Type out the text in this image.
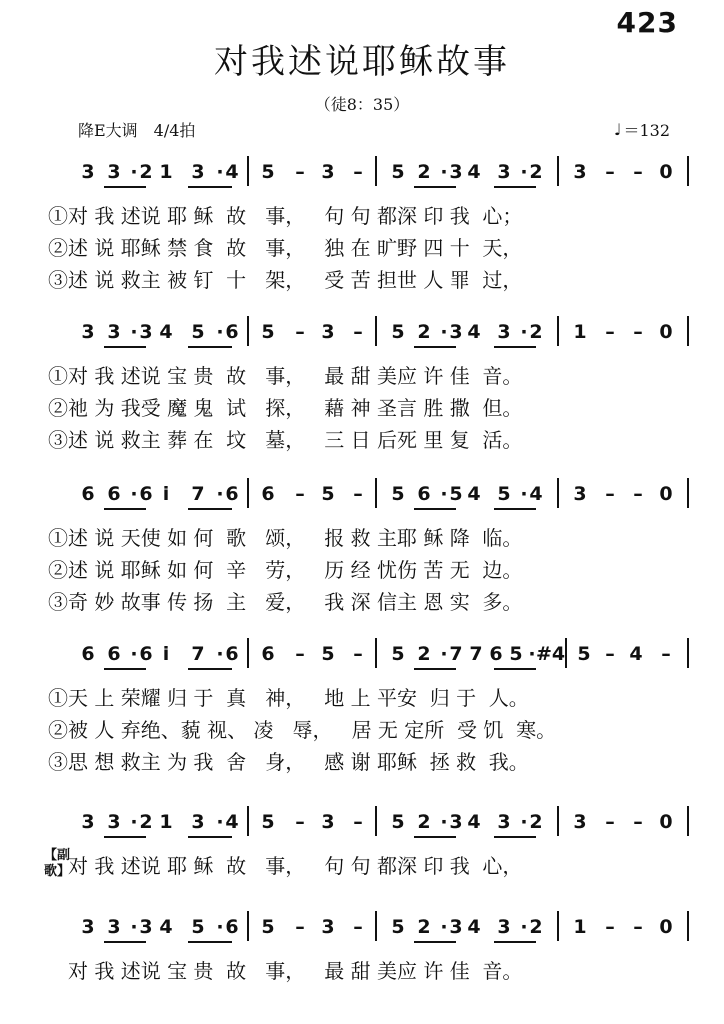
423
对我述说耶稣故事
（徒8：35）
降E大调　4/4拍	♩ ＝132
【副歌】
3 3 · 2 1 3 · 4 5 – 3 – 5 2 · 3 4 3 · 2 3 – – 0
①对 我 述说 耶 稣  故   事，   句 句 都深 印 我  心；
②述 说 耶稣 禁 食  故   事，   独 在 旷野 四 十  天，
③述 说 救主 被 钉  十   架，   受 苦 担世 人 罪  过，
3 3 · 3 4 5 · 6 5 – 3 – 5 2 · 3 4 3 · 2 1 – – 0
①对 我 述说 宝 贵  故   事，   最 甜 美应 许 佳  音。
②祂 为 我受 魔 鬼  试   探，   藉 神 圣言 胜 撒  但。
③述 说 救主 葬 在  坟   墓，   三 日 后死 里 复  活。
6 6 · 6 i	7 · 6 6 – 5 – 5 6 · 5 4 5 · 4 3 – – 0
①述 说 天使 如 何  歌   颂，   报 救 主耶 稣 降  临。
②述 说 耶稣 如 何  辛   劳，   历 经 忧伤 苦 无  边。
③奇 妙 故事 传 扬  主   爱，   我 深 信主 恩 实  多。
6 6 · 6 i	7 · 6 6 – 5 – 5 2 · 7 7 6 5 · #4 5 – 4 –
①天 上 荣耀 归 于  真   神，   地 上 平安  归 于  人。
②被 人 弃绝、藐 视、 凌   辱，   居 无 定所  受 饥  寒。
③思 想 救主 为 我  舍   身，   感 谢 耶稣  拯 救  我。
3 3 · 2 1 3 · 4 5 – 3 – 5 2 · 3 4 3 · 2 3 – – 0
对 我 述说 耶 稣  故   事，   句 句 都深 印 我  心，
3 3 · 3 4 5 · 6 5 – 3 – 5 2 · 3 4 3 · 2 1 – – 0
对 我 述说 宝 贵  故   事，   最 甜 美应 许 佳  音。
